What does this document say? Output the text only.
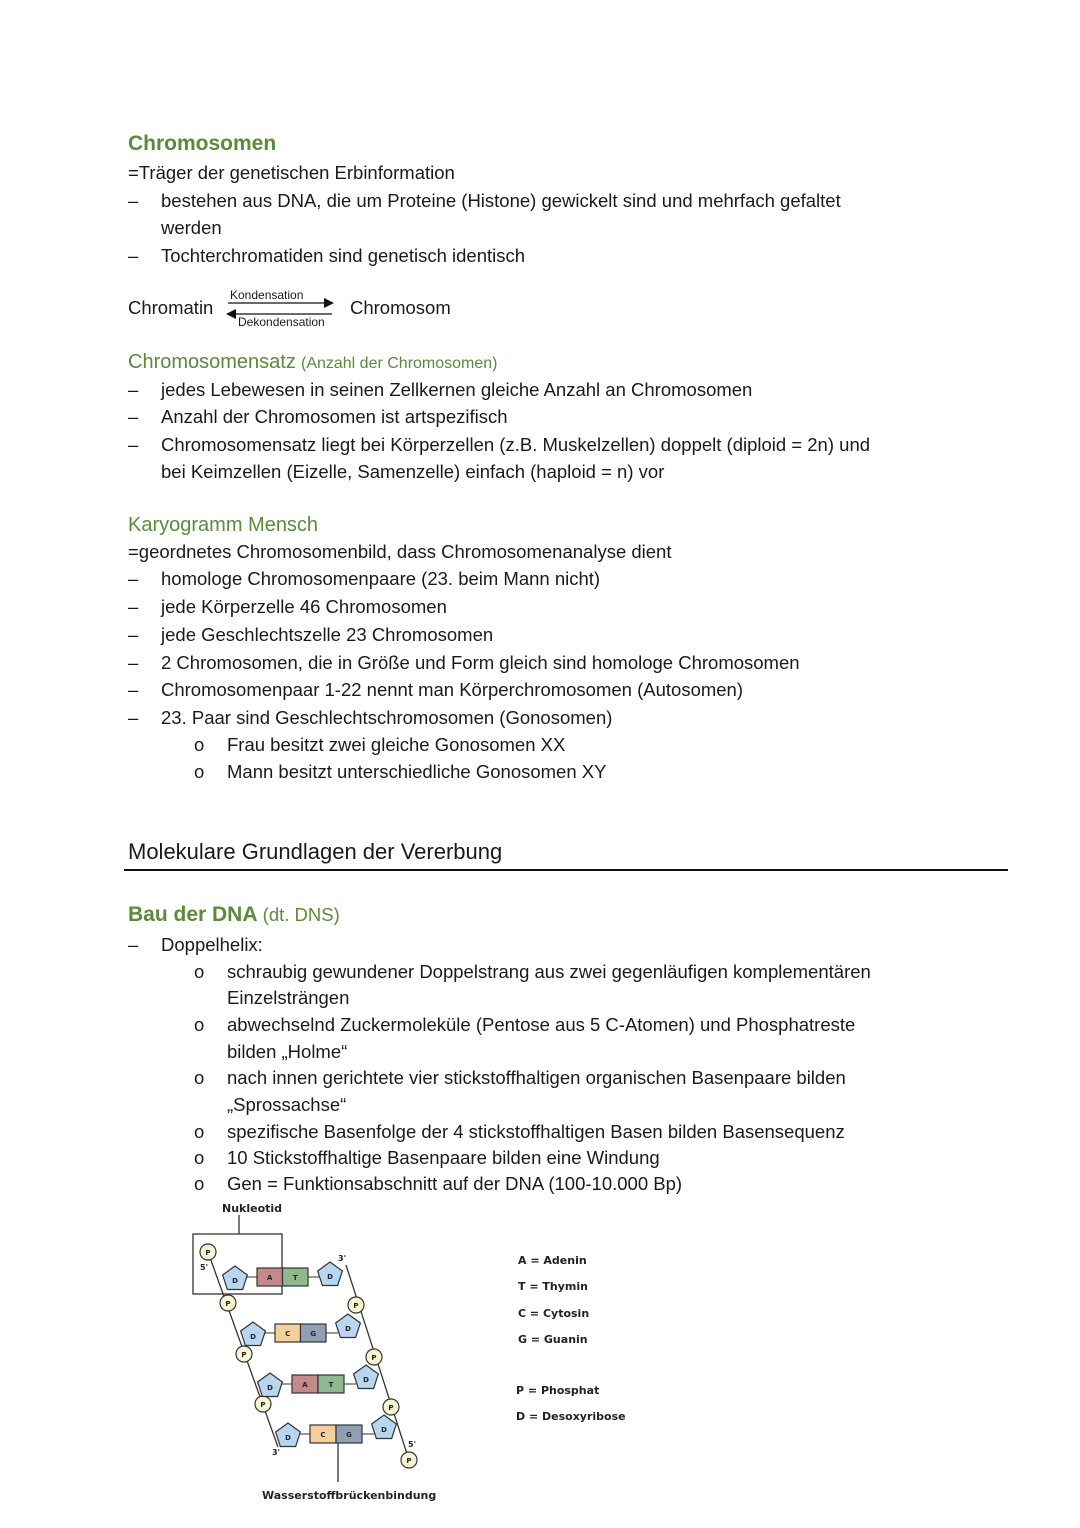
Chromosomen
=Träger der genetischen Erbinformation
– bestehen aus DNA, die um Proteine (Histone) gewickelt sind und mehrfach gefaltet
werden
– Tochterchromatiden sind genetisch identisch
Chromatin
Kondensation
Dekondensation
Chromosom
Chromosomensatz (Anzahl der Chromosomen)
– jedes Lebewesen in seinen Zellkernen gleiche Anzahl an Chromosomen
– Anzahl der Chromosomen ist artspezifisch
– Chromosomensatz liegt bei Körperzellen (z.B. Muskelzellen) doppelt (diploid = 2n) und
bei Keimzellen (Eizelle, Samenzelle) einfach (haploid = n) vor
Karyogramm Mensch
=geordnetes Chromosomenbild, dass Chromosomenanalyse dient
– homologe Chromosomenpaare (23. beim Mann nicht)
– jede Körperzelle 46 Chromosomen
– jede Geschlechtszelle 23 Chromosomen
– 2 Chromosomen, die in Größe und Form gleich sind homologe Chromosomen
– Chromosomenpaar 1-22 nennt man Körperchromosomen (Autosomen)
– 23. Paar sind Geschlechtschromosomen (Gonosomen)
o Frau besitzt zwei gleiche Gonosomen XX
o Mann besitzt unterschiedliche Gonosomen XY
Molekulare Grundlagen der Vererbung
Bau der DNA (dt. DNS)
– Doppelhelix:
o schraubig gewundener Doppelstrang aus zwei gegenläufigen komplementären
Einzelsträngen
o abwechselnd Zuckermoleküle (Pentose aus 5 C-Atomen) und Phosphatreste
bilden „Holme“
o nach innen gerichtete vier stickstoffhaltigen organischen Basenpaare bilden
„Sprossachse“
o spezifische Basenfolge der 4 stickstoffhaltigen Basen bilden Basensequenz
o 10 Stickstoffhaltige Basenpaare bilden eine Windung
o Gen = Funktionsabschnitt auf der DNA (100-10.000 Bp)
P
P
P
P
P
P
P
P
A	T
C	G
A	T
C	G
D
D
D
D
D
D
D
D
Nukleotid
Wasserstoffbrückenbindung
5'
3'
3'
5'
A = Adenin
T = Thymin
C = Cytosin
G = Guanin
P = Phosphat
D = Desoxyribose
